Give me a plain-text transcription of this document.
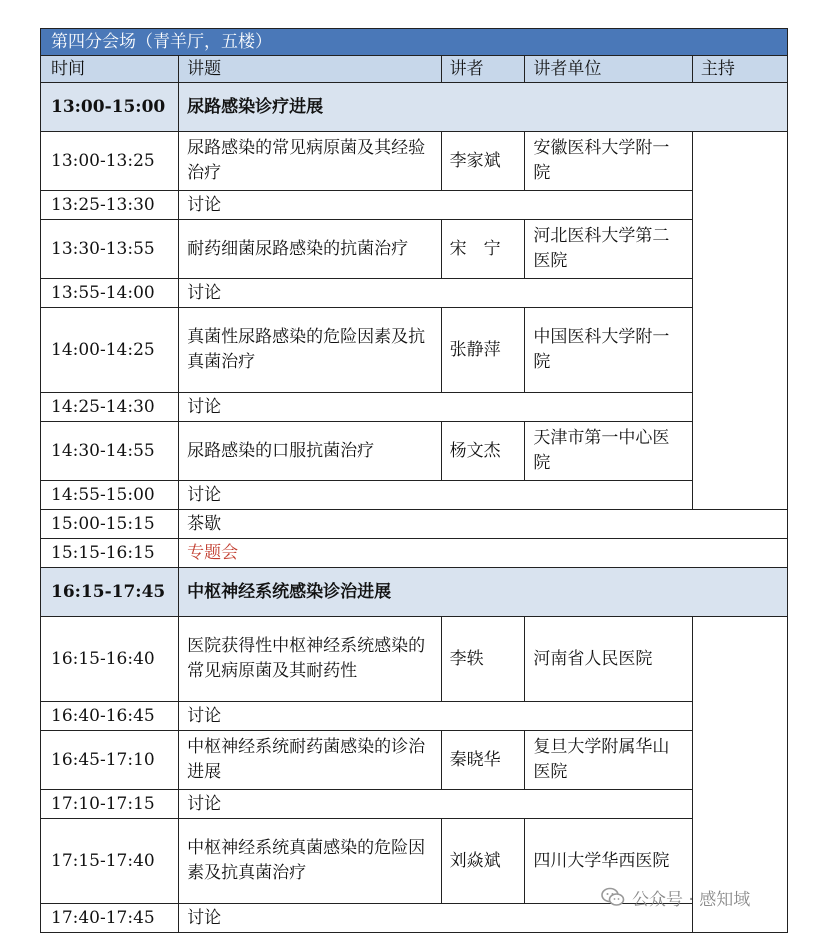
第四分会场（青羊厅，五楼）				
时间	讲题	讲者	讲者单位	主持
13:00-15:00	尿路感染诊疗进展			
13:00-13:25	尿路感染的常见病原菌及其经验治疗	李家斌	安徽医科大学附一院	
13:25-13:30	讨论			
13:30-13:55	耐药细菌尿路感染的抗菌治疗	宋　宁	河北医科大学第二医院	
13:55-14:00	讨论			
14:00-14:25	真菌性尿路感染的危险因素及抗真菌治疗	张静萍	中国医科大学附一院	
14:25-14:30	讨论			
14:30-14:55	尿路感染的口服抗菌治疗	杨文杰	天津市第一中心医院	
14:55-15:00	讨论			
15:00-15:15	茶歇			
15:15-16:15	专题会			
16:15-17:45	中枢神经系统感染诊治进展			
16:15-16:40	医院获得性中枢神经系统感染的常见病原菌及其耐药性	李轶	河南省人民医院	
16:40-16:45	讨论			
16:45-17:10	中枢神经系统耐药菌感染的诊治进展	秦晓华	复旦大学附属华山医院	
17:10-17:15	讨论			
17:15-17:40	中枢神经系统真菌感染的危险因素及抗真菌治疗	刘焱斌	四川大学华西医院	
17:40-17:45	讨论			
公众号 · 感知域
